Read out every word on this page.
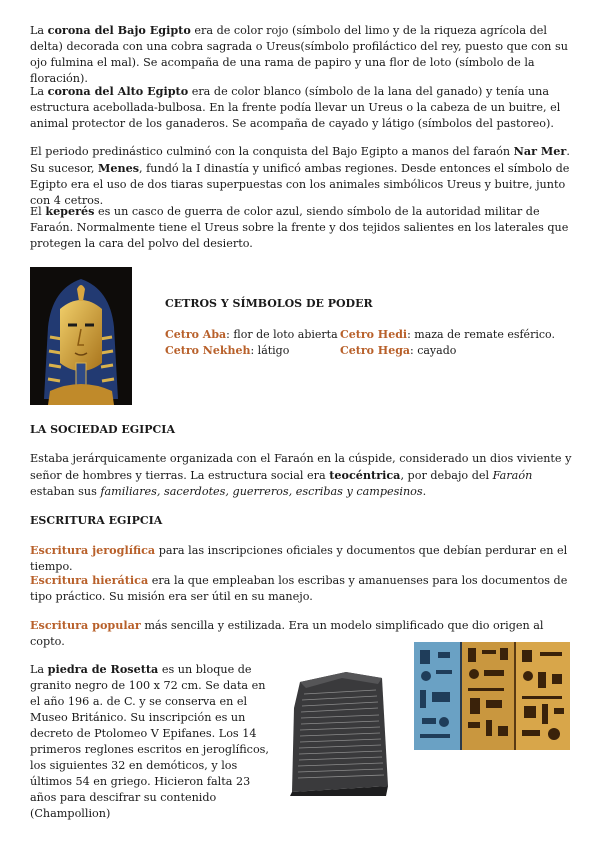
La corona del Bajo Egipto era de color rojo (símbolo del limo y de la riqueza agrícola del delta) decorada con una cobra sagrada o Ureus(símbolo profiláctico del rey, puesto que con su ojo fulmina el mal). Se acompaña de una rama de papiro y una flor de loto (símbolo de la floración).

La corona del Alto Egipto era de color blanco (símbolo de la lana del ganado) y tenía una estructura acebollada-bulbosa. En la frente podía llevar un Ureus o la cabeza de un buitre, el animal protector de los ganaderos. Se acompaña de cayado y látigo (símbolos del pastoreo).

El periodo predinástico culminó con la conquista del Bajo Egipto a manos del faraón Nar Mer. Su sucesor, Menes, fundó la I dinastía y unificó ambas regiones. Desde entonces el símbolo de Egipto era el uso de dos tiaras superpuestas con los animales simbólicos Ureus y buitre, junto con 4 cetros.

El keperés es un casco de guerra de color azul, siendo símbolo de la autoridad militar de Faraón. Normalmente tiene el Ureus sobre la frente y dos tejidos salientes en los laterales que protegen la cara del polvo del desierto.

CETROS Y SÍMBOLOS DE PODER
Cetro Aba: flor de loto abierta Cetro Hedi: maza de remate esférico.
Cetro Nekheh: látigo	Cetro Hega: cayado
LA SOCIEDAD EGIPCIA

Estaba jerárquicamente organizada con el Faraón en la cúspide, considerado un dios viviente y señor de hombres y tierras. La estructura social era teocéntrica, por debajo del Faraón estaban sus familiares, sacerdotes, guerreros, escribas y campesinos.

ESCRITURA EGIPCIA

Escritura jeroglífica para las inscripciones oficiales y documentos que debían perdurar en el tiempo.

Escritura hierática era la que empleaban los escribas y amanuenses para los documentos de tipo práctico. Su misión era ser útil en su manejo.

Escritura popular más sencilla y estilizada. Era un modelo simplificado que dio origen al copto.

La piedra de Rosetta es un bloque de granito negro de 100 x 72 cm. Se data en el año 196 a. de C. y se conserva en el Museo Británico. Su inscripción es un decreto de Ptolomeo V Epifanes. Los 14 primeros reglones escritos en jeroglíficos, los siguientes 32 en demóticos, y los últimos 54 en griego. Hicieron falta 23 años para descifrar su contenido (Champollion)
